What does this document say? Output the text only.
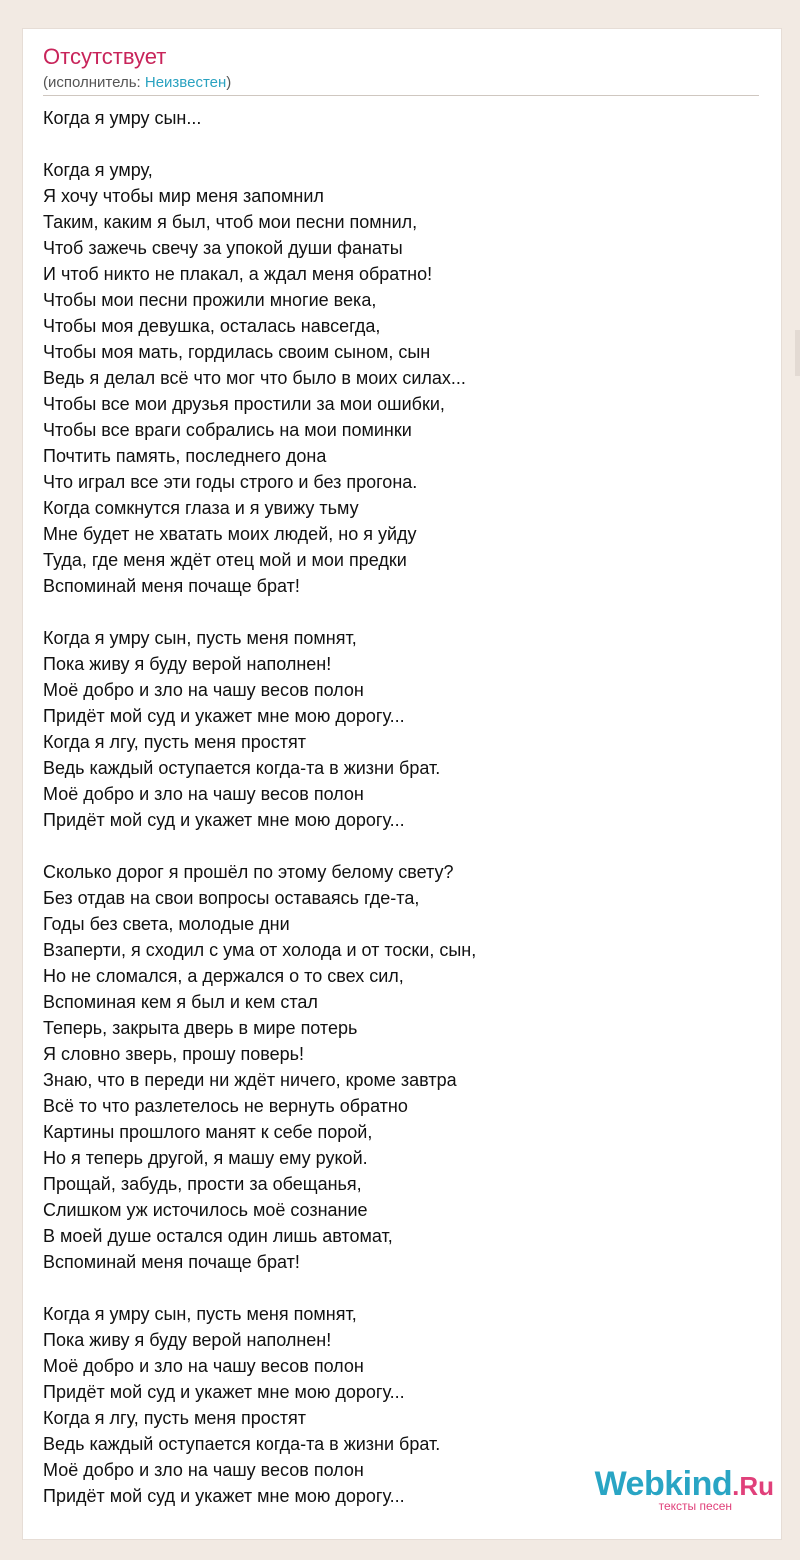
Отсутствует
(исполнитель: Неизвестен)
Когда я умру сын...
Когда я умру,
Я хочу чтобы мир меня запомнил
Таким, каким я был, чтоб мои песни помнил,
Чтоб зажечь свечу за упокой души фанаты
И чтоб никто не плакал, а ждал меня обратно!
Чтобы мои песни прожили многие века,
Чтобы моя девушка, осталась навсегда,
Чтобы моя мать, гордилась своим сыном, сын
Ведь я делал всё что мог что было в моих силах...
Чтобы все мои друзья простили за мои ошибки,
Чтобы все враги собрались на мои поминки
Почтить память, последнего дона
Что играл все эти годы строго и без прогона.
Когда сомкнутся глаза и я увижу тьму
Мне будет не хватать моих людей, но я уйду
Туда, где меня ждёт отец мой и мои предки
Вспоминай меня почаще брат!
Когда я умру сын, пусть меня помнят,
Пока живу я буду верой наполнен!
Моё добро и зло на чашу весов полон
Придёт мой суд и укажет мне мою дорогу...
Когда я лгу, пусть меня простят
Ведь каждый оступается когда-та в жизни брат.
Моё добро и зло на чашу весов полон
Придёт мой суд и укажет мне мою дорогу...
Сколько дорог я прошёл по этому белому свету?
Без отдав на свои вопросы оставаясь где-та,
Годы без света, молодые дни
Взаперти, я сходил с ума от холода и от тоски, сын,
Но не сломался, а держался о то свех сил,
Вспоминая кем я был и кем стал
Теперь, закрыта дверь в мире потерь
Я словно зверь, прошу поверь!
Знаю, что в переди ни ждёт ничего, кроме завтра
Всё то что разлетелось не вернуть обратно
Картины прошлого манят к себе порой,
Но я теперь другой, я машу ему рукой.
Прощай, забудь, прости за обещанья,
Слишком уж источилось моё сознание
В моей душе остался один лишь автомат,
Вспоминай меня почаще брат!
Когда я умру сын, пусть меня помнят,
Пока живу я буду верой наполнен!
Моё добро и зло на чашу весов полон
Придёт мой суд и укажет мне мою дорогу...
Когда я лгу, пусть меня простят
Ведь каждый оступается когда-та в жизни брат.
Моё добро и зло на чашу весов полон
Придёт мой суд и укажет мне мою дорогу...	Webkind.Ru
тексты песен
